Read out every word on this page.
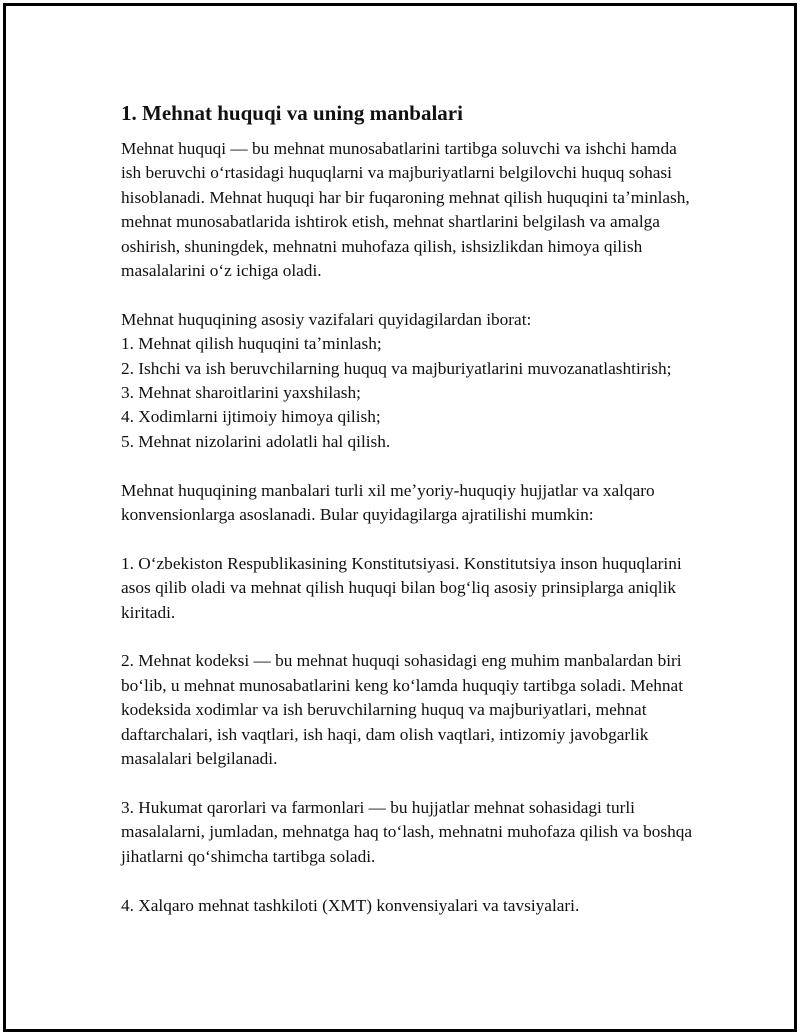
1. Mehnat huquqi va uning manbalari

Mehnat huquqi — bu mehnat munosabatlarini tartibga soluvchi va ishchi hamda ish beruvchi oʻrtasidagi huquqlarni va majburiyatlarni belgilovchi huquq sohasi hisoblanadi. Mehnat huquqi har bir fuqaroning mehnat qilish huquqini taʼminlash, mehnat munosabatlarida ishtirok etish, mehnat shartlarini belgilash va amalga oshirish, shuningdek, mehnatni muhofaza qilish, ishsizlikdan himoya qilish masalalarini oʻz ichiga oladi.

Mehnat huquqining asosiy vazifalari quyidagilardan iborat:

1. Mehnat qilish huquqini taʼminlash;

2. Ishchi va ish beruvchilarning huquq va majburiyatlarini muvozanatlashtirish;

3. Mehnat sharoitlarini yaxshilash;

4. Xodimlarni ijtimoiy himoya qilish;

5. Mehnat nizolarini adolatli hal qilish.

Mehnat huquqining manbalari turli xil meʼyoriy-huquqiy hujjatlar va xalqaro konvensionlarga asoslanadi. Bular quyidagilarga ajratilishi mumkin:

1. Oʻzbekiston Respublikasining Konstitutsiyasi. Konstitutsiya inson huquqlarini asos qilib oladi va mehnat qilish huquqi bilan bogʻliq asosiy prinsiplarga aniqlik kiritadi.

2. Mehnat kodeksi — bu mehnat huquqi sohasidagi eng muhim manbalardan biri boʻlib, u mehnat munosabatlarini keng koʻlamda huquqiy tartibga soladi. Mehnat kodeksida xodimlar va ish beruvchilarning huquq va majburiyatlari, mehnat daftarchalari, ish vaqtlari, ish haqi, dam olish vaqtlari, intizomiy javobgarlik masalalari belgilanadi.

3. Hukumat qarorlari va farmonlari — bu hujjatlar mehnat sohasidagi turli masalalarni, jumladan, mehnatga haq toʻlash, mehnatni muhofaza qilish va boshqa jihatlarni qoʻshimcha tartibga soladi.

4. Xalqaro mehnat tashkiloti (XMT) konvensiyalari va tavsiyalari.
